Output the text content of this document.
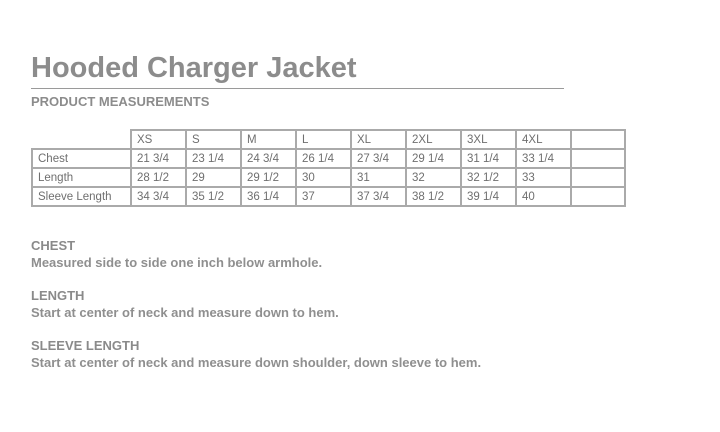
Hooded Charger Jacket
PRODUCT MEASUREMENTS
	XS	S	M	L	XL	2XL	3XL	4XL	
Chest	21 3/4	23 1/4	24 3/4	26 1/4	27 3/4	29 1/4	31 1/4	33 1/4	
Length	28 1/2	29	29 1/2	30	31	32	32 1/2	33	
Sleeve Length	34 3/4	35 1/2	36 1/4	37	37 3/4	38 1/2	39 1/4	40	
CHEST
Measured side to side one inch below armhole.
LENGTH
Start at center of neck and measure down to hem.
SLEEVE LENGTH
Start at center of neck and measure down shoulder, down sleeve to hem.
